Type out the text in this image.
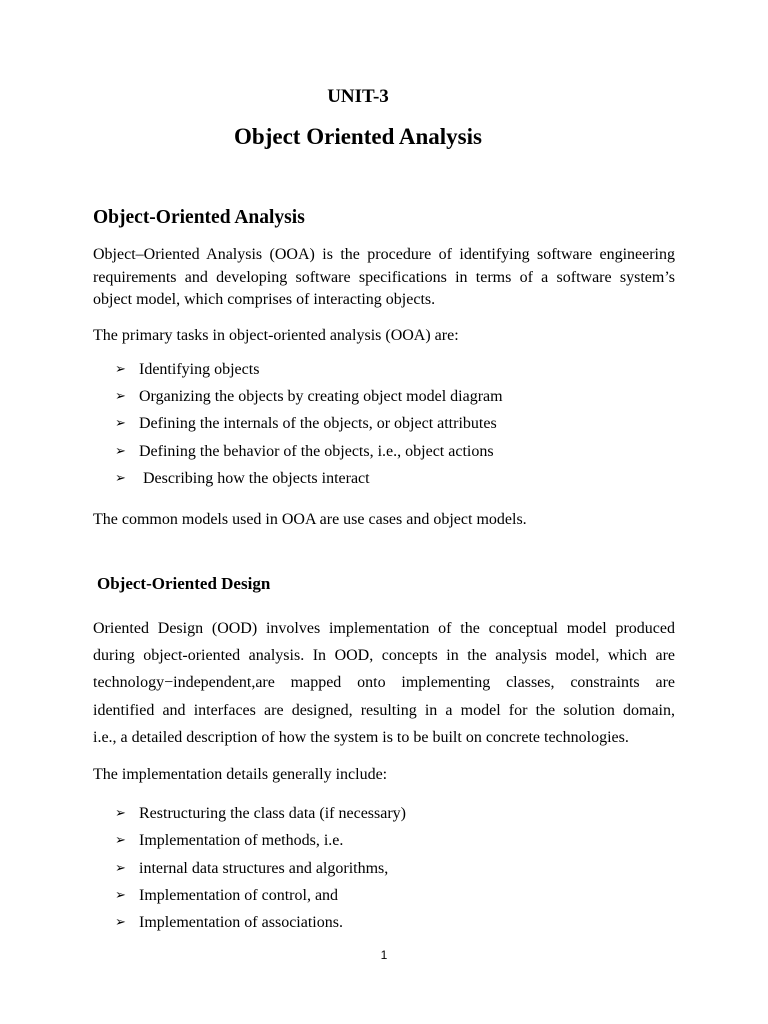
UNIT-3
Object Oriented Analysis
Object-Oriented Analysis
Object–Oriented Analysis (OOA) is the procedure of identifying software engineering
requirements and developing software specifications in terms of a software system’s
object model, which comprises of interacting objects.
The primary tasks in object-oriented analysis (OOA) are:
➢ Identifying objects
➢ Organizing the objects by creating object model diagram
➢ Defining the internals of the objects, or object attributes
➢ Defining the behavior of the objects, i.e., object actions
➢ Describing how the objects interact
The common models used in OOA are use cases and object models.
Object-Oriented Design
Oriented Design (OOD) involves implementation of the conceptual model produced
during object-oriented analysis. In OOD, concepts in the analysis model, which are
technology−independent,are mapped onto implementing classes, constraints are
identified and interfaces are designed, resulting in a model for the solution domain,
i.e., a detailed description of how the system is to be built on concrete technologies.
The implementation details generally include:
➢ Restructuring the class data (if necessary)
➢ Implementation of methods, i.e.
➢ internal data structures and algorithms,
➢ Implementation of control, and
➢ Implementation of associations.
1
